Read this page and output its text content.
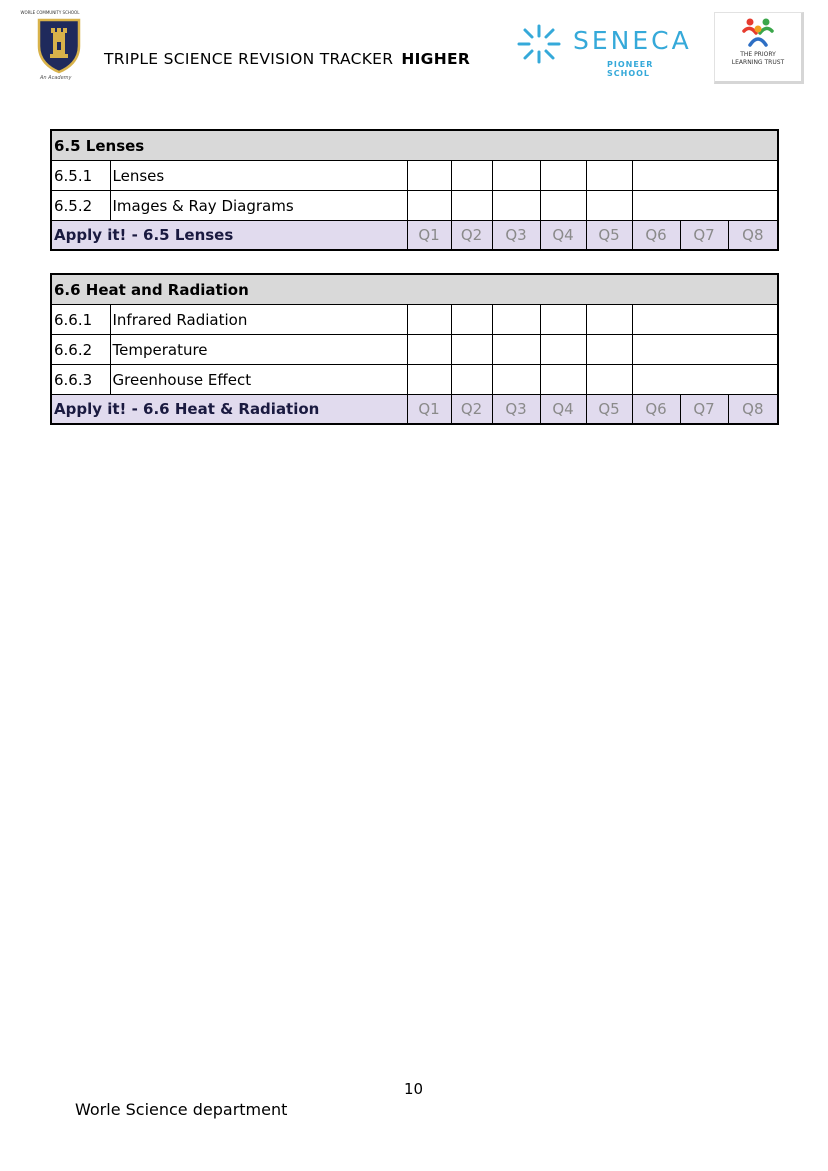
WORLE COMMUNITY SCHOOL
An Academy
TRIPLE SCIENCE REVISION TRACKER HIGHER
SENECA
PIONEER SCHOOL
THE PRIORY
LEARNING TRUST
6.5 Lenses									
6.5.1	Lenses								
6.5.2	Images & Ray Diagrams								
Apply it! - 6.5 Lenses		Q1	Q2	Q3	Q4	Q5	Q6	Q7	Q8
6.6 Heat and Radiation									
6.6.1	Infrared Radiation								
6.6.2	Temperature								
6.6.3	Greenhouse Effect								
Apply it! - 6.6 Heat & Radiation		Q1	Q2	Q3	Q4	Q5	Q6	Q7	Q8
10
Worle Science department
